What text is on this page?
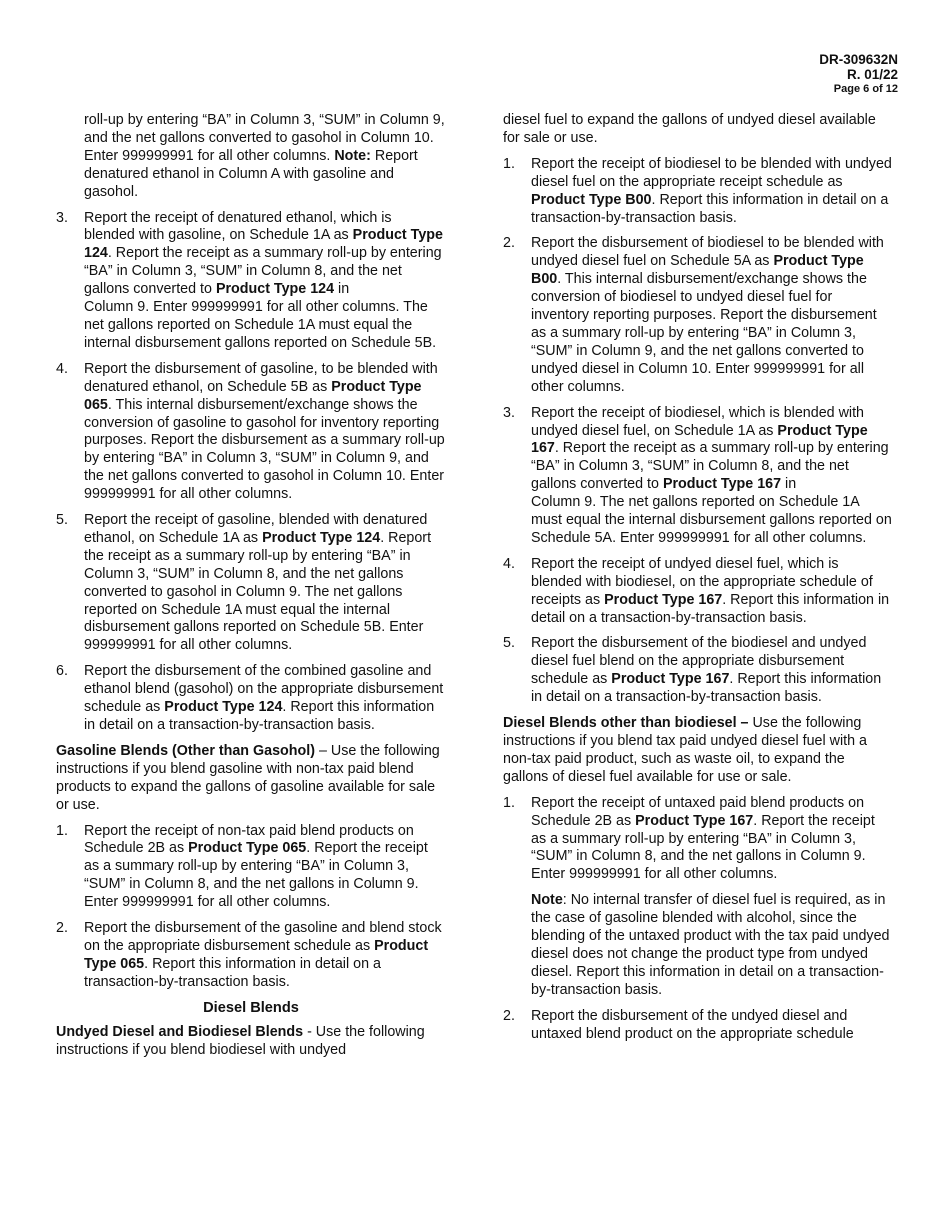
DR-309632N
R. 01/22
Page 6 of 12

roll-up by entering “BA” in Column 3, “SUM” in Column 9, and the net gallons converted to gasohol in Column 10. Enter 999999991 for all other columns. Note: Report denatured ethanol in Column A with gasoline and gasohol.

3.	Report the receipt of denatured ethanol, which is blended with gasoline, on Schedule 1A as Product Type 124. Report the receipt as a summary roll-up by entering “BA” in Column 3, “SUM” in Column 8, and the net gallons converted to Product Type 124 in

Column 9. Enter 999999991 for all other columns. The net gallons reported on Schedule 1A must equal the internal disbursement gallons reported on Schedule 5B.

4.	Report the disbursement of gasoline, to be blended with denatured ethanol, on Schedule 5B as Product Type 065. This internal disbursement/exchange shows the conversion of gasoline to gasohol for inventory reporting purposes. Report the disbursement as a summary roll-up by entering “BA” in Column 3, “SUM” in Column 9, and the net gallons converted to gasohol in Column 10. Enter 999999991 for all other columns.

5.	Report the receipt of gasoline, blended with denatured ethanol, on Schedule 1A as Product Type 124. Report the receipt as a summary roll-up by entering “BA” in Column 3, “SUM” in Column 8, and the net gallons converted to gasohol in Column 9. The net gallons reported on Schedule 1A must equal the internal disbursement gallons reported on Schedule 5B. Enter 999999991 for all other columns.

6.	Report the disbursement of the combined gasoline and ethanol blend (gasohol) on the appropriate disbursement schedule as Product Type 124. Report this information in detail on a transaction-by-transaction basis.

Gasoline Blends (Other than Gasohol) – Use the following instructions if you blend gasoline with non-tax paid blend products to expand the gallons of gasoline available for sale or use.

1.	Report the receipt of non-tax paid blend products on Schedule 2B as Product Type 065. Report the receipt as a summary roll-up by entering “BA” in Column 3, “SUM” in Column 8, and the net gallons in Column 9. Enter 999999991 for all other columns.

2.	Report the disbursement of the gasoline and blend stock on the appropriate disbursement schedule as Product Type 065. Report this information in detail on a transaction-by-transaction basis.

Diesel Blends

Undyed Diesel and Biodiesel Blends - Use the following instructions if you blend biodiesel with undyed

diesel fuel to expand the gallons of undyed diesel available for sale or use.

1.	Report the receipt of biodiesel to be blended with undyed diesel fuel on the appropriate receipt schedule as Product Type B00. Report this information in detail on a transaction-by-transaction basis.

2.	Report the disbursement of biodiesel to be blended with undyed diesel fuel on Schedule 5A as Product Type B00. This internal disbursement/exchange shows the conversion of biodiesel to undyed diesel fuel for inventory reporting purposes. Report the disbursement as a summary roll-up by entering “BA” in Column 3, “SUM” in Column 9, and the net gallons converted to undyed diesel in Column 10. Enter 999999991 for all other columns.

3.	Report the receipt of biodiesel, which is blended with undyed diesel fuel, on Schedule 1A as Product Type 167. Report the receipt as a summary roll-up by entering “BA” in Column 3, “SUM” in Column 8, and the net gallons converted to Product Type 167 in

Column 9. The net gallons reported on Schedule 1A must equal the internal disbursement gallons reported on Schedule 5A. Enter 999999991 for all other columns.

4.	Report the receipt of undyed diesel fuel, which is blended with biodiesel, on the appropriate schedule of receipts as Product Type 167. Report this information in detail on a transaction-by-transaction basis.

5.	Report the disbursement of the biodiesel and undyed diesel fuel blend on the appropriate disbursement schedule as Product Type 167. Report this information in detail on a transaction-by-transaction basis.

Diesel Blends other than biodiesel – Use the following instructions if you blend tax paid undyed diesel fuel with a non-tax paid product, such as waste oil, to expand the gallons of diesel fuel available for use or sale.

1.	Report the receipt of untaxed paid blend products on Schedule 2B as Product Type 167. Report the receipt as a summary roll-up by entering “BA” in Column 3, “SUM” in Column 8, and the net gallons in Column 9. Enter 999999991 for all other columns.

Note: No internal transfer of diesel fuel is required, as in the case of gasoline blended with alcohol, since the blending of the untaxed product with the tax paid undyed diesel does not change the product type from undyed diesel. Report this information in detail on a transaction-by-transaction basis.

2.	Report the disbursement of the undyed diesel and untaxed blend product on the appropriate schedule
